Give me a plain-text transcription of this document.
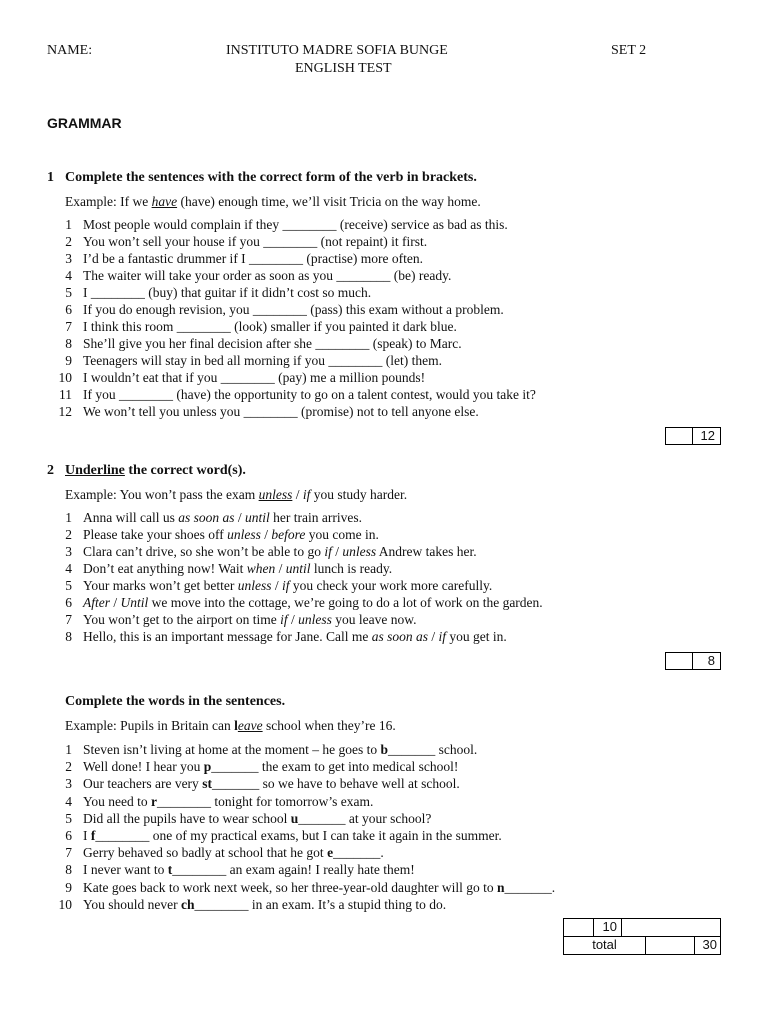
NAME:	INSTITUTO MADRE SOFIA BUNGE
ENGLISH TEST
SET 2
GRAMMAR
1 Complete the sentences with the correct form of the verb in brackets.
Example: If we have (have) enough time, we’ll visit Tricia on the way home.
1 Most people would complain if they ________ (receive) service as bad as this.
2 You won’t sell your house if you ________ (not repaint) it first.
3 I’d be a fantastic drummer if I ________ (practise) more often.
4 The waiter will take your order as soon as you ________ (be) ready.
5 I ________ (buy) that guitar if it didn’t cost so much.
6 If you do enough revision, you ________ (pass) this exam without a problem.
7 I think this room ________ (look) smaller if you painted it dark blue.
8 She’ll give you her final decision after she ________ (speak) to Marc.
9 Teenagers will stay in bed all morning if you ________ (let) them.
10 I wouldn’t eat that if you ________ (pay) me a million pounds!
11 If you ________ (have) the opportunity to go on a talent contest, would you take it?
12 We won’t tell you unless you ________ (promise) not to tell anyone else.
12
2 Underline the correct word(s).
Example: You won’t pass the exam unless / if you study harder.
1 Anna will call us as soon as / until her train arrives.
2 Please take your shoes off unless / before you come in.
3 Clara can’t drive, so she won’t be able to go if / unless Andrew takes her.
4 Don’t eat anything now! Wait when / until lunch is ready.
5 Your marks won’t get better unless / if you check your work more carefully.
6 After / Until we move into the cottage, we’re going to do a lot of work on the garden.
7 You won’t get to the airport on time if / unless you leave now.
8 Hello, this is an important message for Jane. Call me as soon as / if you get in.
8
Complete the words in the sentences.
Example: Pupils in Britain can leave school when they’re 16.
1 Steven isn’t living at home at the moment – he goes to b_______ school.
2 Well done! I hear you p_______ the exam to get into medical school!
3 Our teachers are very st_______ so we have to behave well at school.
4 You need to r________ tonight for tomorrow’s exam.
5 Did all the pupils have to wear school u_______ at your school?
6 I f________ one of my practical exams, but I can take it again in the summer.
7 Gerry behaved so badly at school that he got e_______.
8 I never want to t________ an exam again! I really hate them!
9 Kate goes back to work next week, so her three-year-old daughter will go to n_______.
10 You should never ch________ in an exam. It’s a stupid thing to do.
10
total	30
